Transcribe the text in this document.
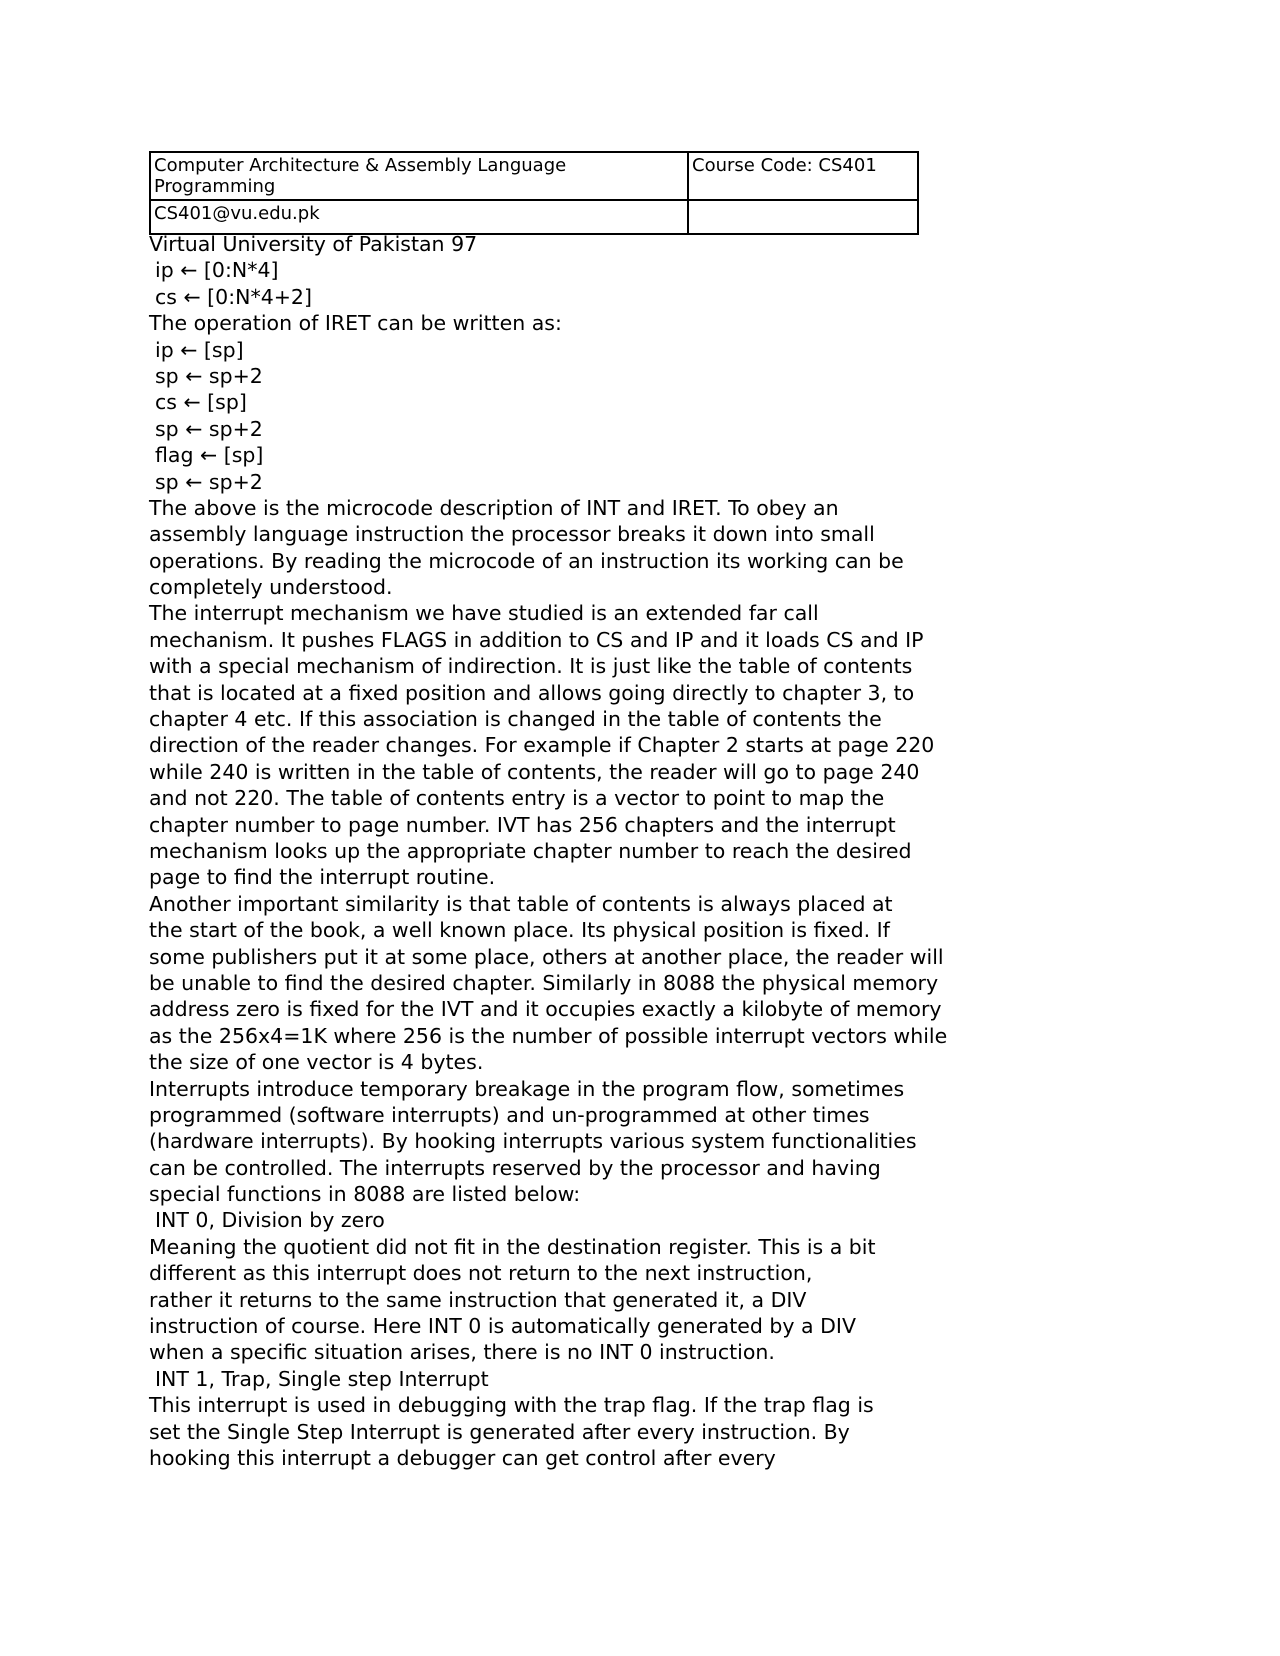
Computer Architecture & Assembly Language Programming	Course Code: CS401
CS401@vu.edu.pk	
Virtual University of Pakistan 97
ip ← [0:N*4]
cs ← [0:N*4+2]
The operation of IRET can be written as:
ip ← [sp]
sp ← sp+2
cs ← [sp]
sp ← sp+2
flag ← [sp]
sp ← sp+2
The above is the microcode description of INT and IRET. To obey an
assembly language instruction the processor breaks it down into small
operations. By reading the microcode of an instruction its working can be
completely understood.
The interrupt mechanism we have studied is an extended far call
mechanism. It pushes FLAGS in addition to CS and IP and it loads CS and IP
with a special mechanism of indirection. It is just like the table of contents
that is located at a fixed position and allows going directly to chapter 3, to
chapter 4 etc. If this association is changed in the table of contents the
direction of the reader changes. For example if Chapter 2 starts at page 220
while 240 is written in the table of contents, the reader will go to page 240
and not 220. The table of contents entry is a vector to point to map the
chapter number to page number. IVT has 256 chapters and the interrupt
mechanism looks up the appropriate chapter number to reach the desired
page to find the interrupt routine.
Another important similarity is that table of contents is always placed at
the start of the book, a well known place. Its physical position is fixed. If
some publishers put it at some place, others at another place, the reader will
be unable to find the desired chapter. Similarly in 8088 the physical memory
address zero is fixed for the IVT and it occupies exactly a kilobyte of memory
as the 256x4=1K where 256 is the number of possible interrupt vectors while
the size of one vector is 4 bytes.
Interrupts introduce temporary breakage in the program flow, sometimes
programmed (software interrupts) and un-programmed at other times
(hardware interrupts). By hooking interrupts various system functionalities
can be controlled. The interrupts reserved by the processor and having
special functions in 8088 are listed below:
INT 0, Division by zero
Meaning the quotient did not fit in the destination register. This is a bit
different as this interrupt does not return to the next instruction,
rather it returns to the same instruction that generated it, a DIV
instruction of course. Here INT 0 is automatically generated by a DIV
when a specific situation arises, there is no INT 0 instruction.
INT 1, Trap, Single step Interrupt
This interrupt is used in debugging with the trap flag. If the trap flag is
set the Single Step Interrupt is generated after every instruction. By
hooking this interrupt a debugger can get control after every
